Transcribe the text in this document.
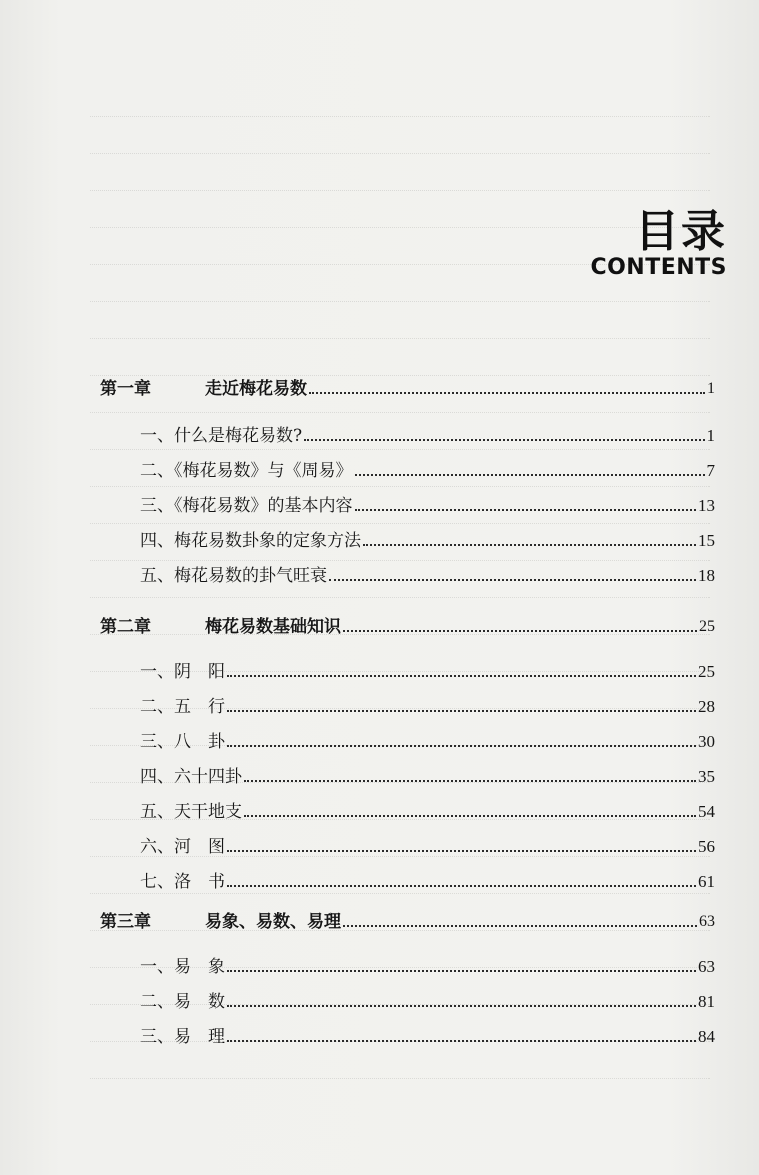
目录
CONTENTS
第一章	走近梅花易数	1
一、什么是梅花易数?	1
二、《梅花易数》与《周易》	7
三、《梅花易数》的基本内容	13
四、梅花易数卦象的定象方法	15
五、梅花易数的卦气旺衰	18
第二章	梅花易数基础知识	25
一、阴　阳	25
二、五　行	28
三、八　卦	30
四、六十四卦	35
五、天干地支	54
六、河　图	56
七、洛　书	61
第三章	易象、易数、易理	63
一、易　象	63
二、易　数	81
三、易　理	84
